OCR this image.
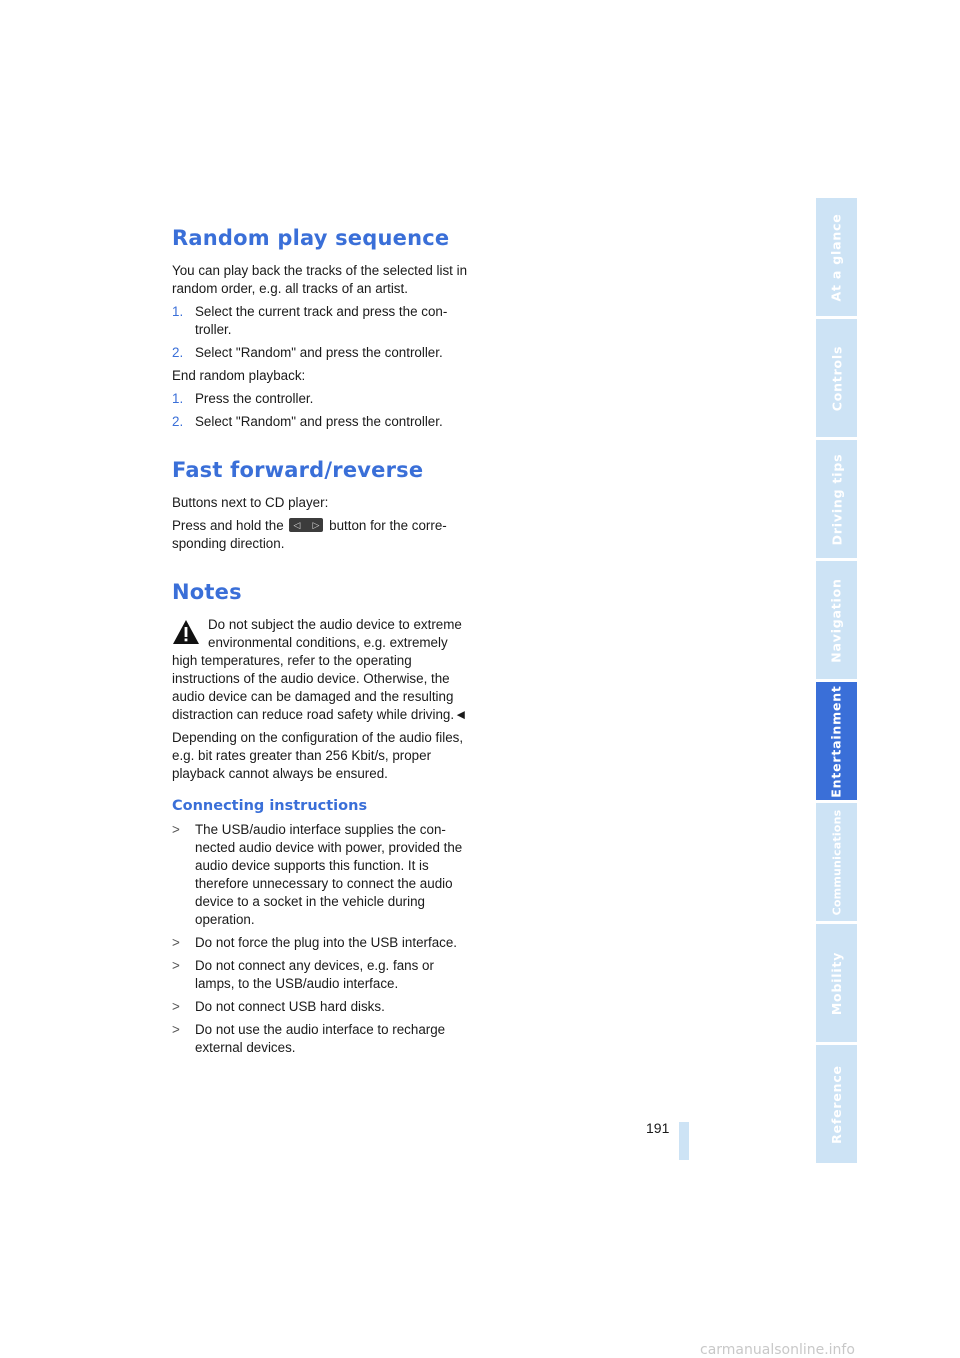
Random play sequence

You can play back the tracks of the selected list in random order, e.g. all tracks of an artist.

1. Select the current track and press the controller.
2. Select "Random" and press the controller.

End random playback:

1. Press the controller.
2. Select "Random" and press the controller.
Fast forward/reverse

Buttons next to CD player:

Press and hold the ◁ ▷ button for the corresponding direction.

Notes

Do not subject the audio device to extreme environmental conditions, e.g. extremely high temperatures, refer to the operating instructions of the audio device. Otherwise, the audio device can be damaged and the resulting distraction can reduce road safety while driving.◄

Depending on the configuration of the audio files, e.g. bit rates greater than 256 Kbit/s, proper playback cannot always be ensured.

Connecting instructions
> The USB/audio interface supplies the connected audio device with power, provided the audio device supports this function. It is therefore unnecessary to connect the audio device to a socket in the vehicle during operation.
> Do not force the plug into the USB interface.
> Do not connect any devices, e.g. fans or lamps, to the USB/audio interface.
> Do not connect USB hard disks.
> Do not use the audio interface to recharge external devices.
191
At a glance
Controls
Driving tips
Navigation
Entertainment
Communications
Mobility
Reference
carmanualsonline.info
